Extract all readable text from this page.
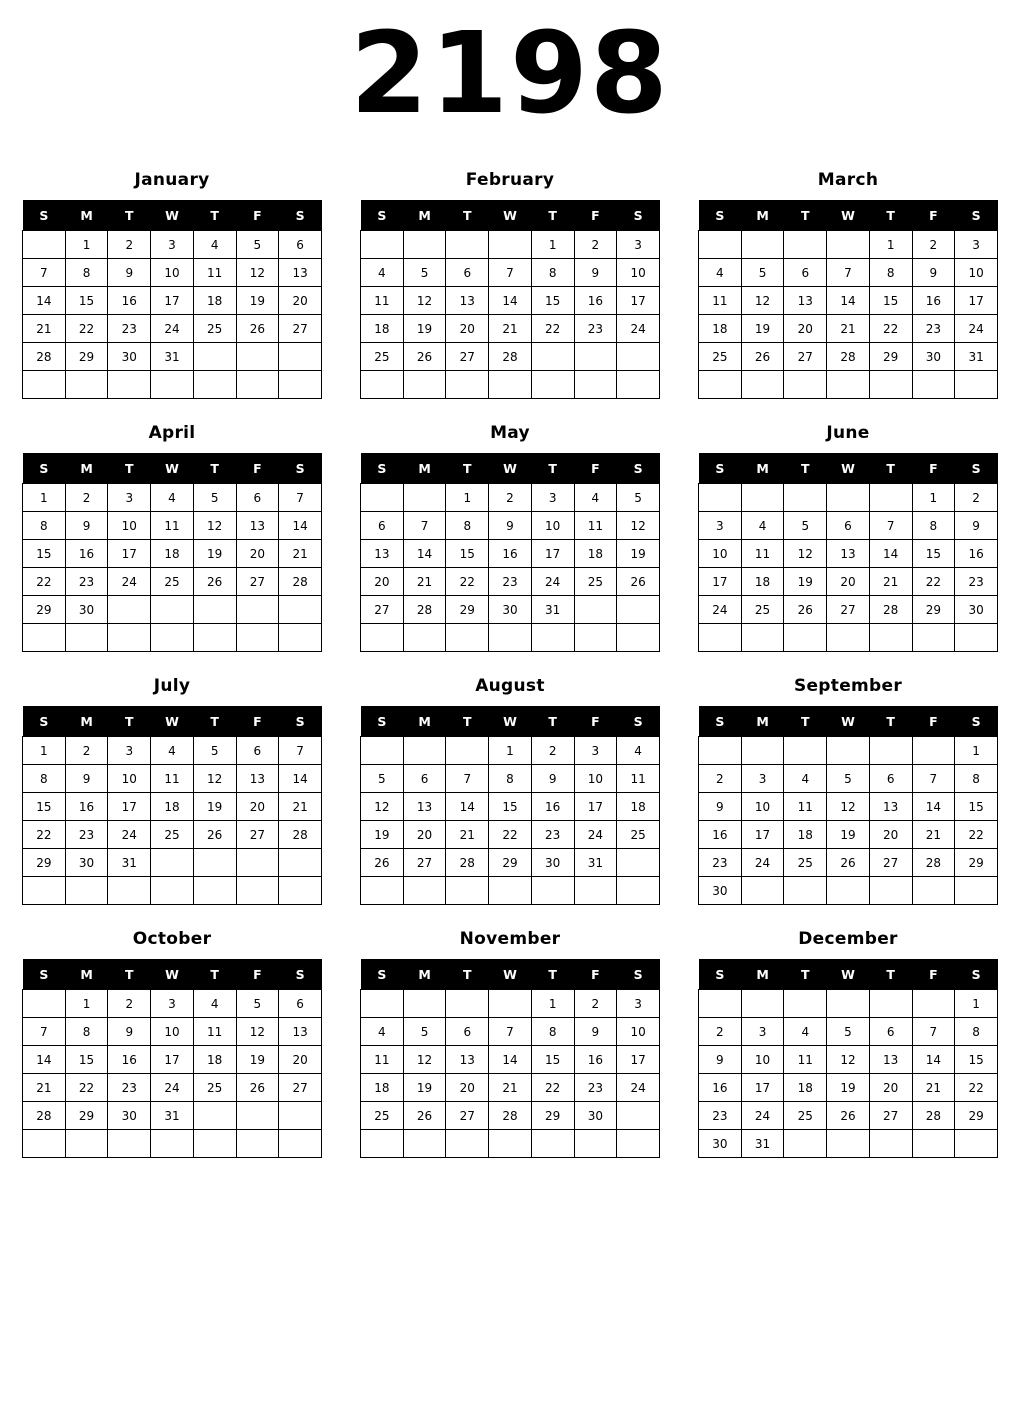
2198
January
S	M	T	W	T	F	S
	1	2	3	4	5	6
7	8	9	10	11	12	13
14	15	16	17	18	19	20
21	22	23	24	25	26	27
28	29	30	31			

February
S	M	T	W	T	F	S
				1	2	3
4	5	6	7	8	9	10
11	12	13	14	15	16	17
18	19	20	21	22	23	24
25	26	27	28			

March
S	M	T	W	T	F	S
				1	2	3
4	5	6	7	8	9	10
11	12	13	14	15	16	17
18	19	20	21	22	23	24
25	26	27	28	29	30	31

April
S	M	T	W	T	F	S
1	2	3	4	5	6	7
8	9	10	11	12	13	14
15	16	17	18	19	20	21
22	23	24	25	26	27	28
29	30					

May
S	M	T	W	T	F	S
		1	2	3	4	5
6	7	8	9	10	11	12
13	14	15	16	17	18	19
20	21	22	23	24	25	26
27	28	29	30	31		

June
S	M	T	W	T	F	S
					1	2
3	4	5	6	7	8	9
10	11	12	13	14	15	16
17	18	19	20	21	22	23
24	25	26	27	28	29	30

July
S	M	T	W	T	F	S
1	2	3	4	5	6	7
8	9	10	11	12	13	14
15	16	17	18	19	20	21
22	23	24	25	26	27	28
29	30	31				

August
S	M	T	W	T	F	S
			1	2	3	4
5	6	7	8	9	10	11
12	13	14	15	16	17	18
19	20	21	22	23	24	25
26	27	28	29	30	31	

September
S	M	T	W	T	F	S
						1
2	3	4	5	6	7	8
9	10	11	12	13	14	15
16	17	18	19	20	21	22
23	24	25	26	27	28	29
30						
October
S	M	T	W	T	F	S
	1	2	3	4	5	6
7	8	9	10	11	12	13
14	15	16	17	18	19	20
21	22	23	24	25	26	27
28	29	30	31			

November
S	M	T	W	T	F	S
				1	2	3
4	5	6	7	8	9	10
11	12	13	14	15	16	17
18	19	20	21	22	23	24
25	26	27	28	29	30	

December
S	M	T	W	T	F	S
						1
2	3	4	5	6	7	8
9	10	11	12	13	14	15
16	17	18	19	20	21	22
23	24	25	26	27	28	29
30	31					
